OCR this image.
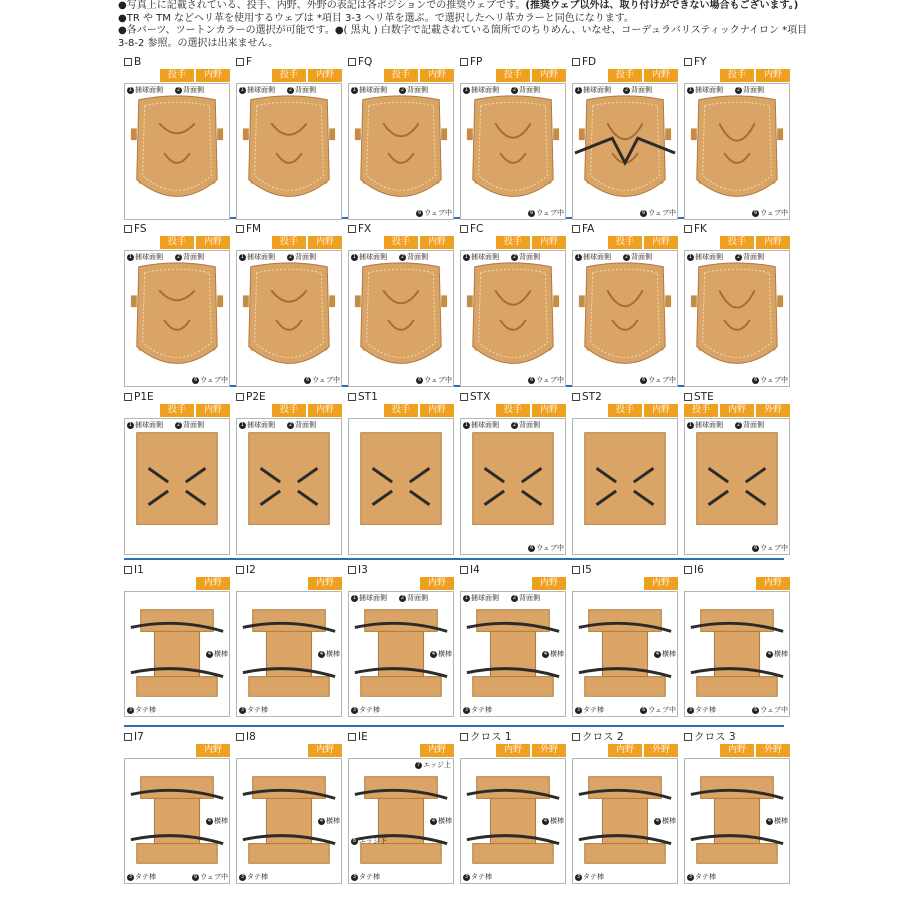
●写真上に記載されている、投手、内野、外野の表記は各ポジションでの推奨ウェブです。(推奨ウェブ以外は、取り付けができない場合もございます。)

●TR や TM などヘリ革を使用するウェブは *項目 3-3 ヘリ革を選ぶ。で選択したヘリ革カラーと同色になります。

●各パーツ、ツートンカラーの選択が可能です。●( 黒丸 ) 白数字で記載されている箇所でのちりめん、いなせ、コーデュラバリスティックナイロン *項目

3-8-2 参照。の選択は出来ません。

B
投手	内野
1 捕球面側	2 背面側
F
投手	内野
1 捕球面側	2 背面側
FQ
投手	内野
1 捕球面側	2 背面側
6 ウェブ中
FP
投手	内野
1 捕球面側	2 背面側
6 ウェブ中
FD
投手	内野
1 捕球面側	2 背面側
6 ウェブ中
FY
投手	内野
1 捕球面側	2 背面側
6 ウェブ中
FS
投手	内野
1 捕球面側	2 背面側
6 ウェブ中
FM
投手	内野
1 捕球面側	2 背面側
6 ウェブ中
FX
投手	内野
1 捕球面側	2 背面側
6 ウェブ中
FC
投手	内野
1 捕球面側	2 背面側
6 ウェブ中
FA
投手	内野
1 捕球面側	2 背面側
6 ウェブ中
FK
投手	内野
1 捕球面側	2 背面側
6 ウェブ中
P1E
投手	内野
1 捕球面側	2 背面側
P2E
投手	内野
1 捕球面側	2 背面側
ST1
投手	内野
STX
投手	内野
1 捕球面側	2 背面側
6 ウェブ中
ST2
投手	内野
STE
投手	内野	外野
1 捕球面側	2 背面側
6 ウェブ中
I1
内野
4 横棒
3 タテ棒
I2
内野
4 横棒
3 タテ棒
I3
内野
1 捕球面側	2 背面側
4 横棒
3 タテ棒
I4
内野
1 捕球面側	2 背面側
4 横棒
3 タテ棒
I5
内野
4 横棒
3 タテ棒	6 ウェブ中
I6
内野
4 横棒
3 タテ棒	6 ウェブ中
I7
内野
4 横棒
3 タテ棒	6 ウェブ中
I8
内野
4 横棒
3 タテ棒
IE
内野
7 エッジ上
4 横棒
8 エッジ下
3 タテ棒
クロス 1
内野	外野
4 横棒
3 タテ棒
クロス 2
内野	外野
4 横棒
3 タテ棒
クロス 3
内野	外野
4 横棒
3 タテ棒
